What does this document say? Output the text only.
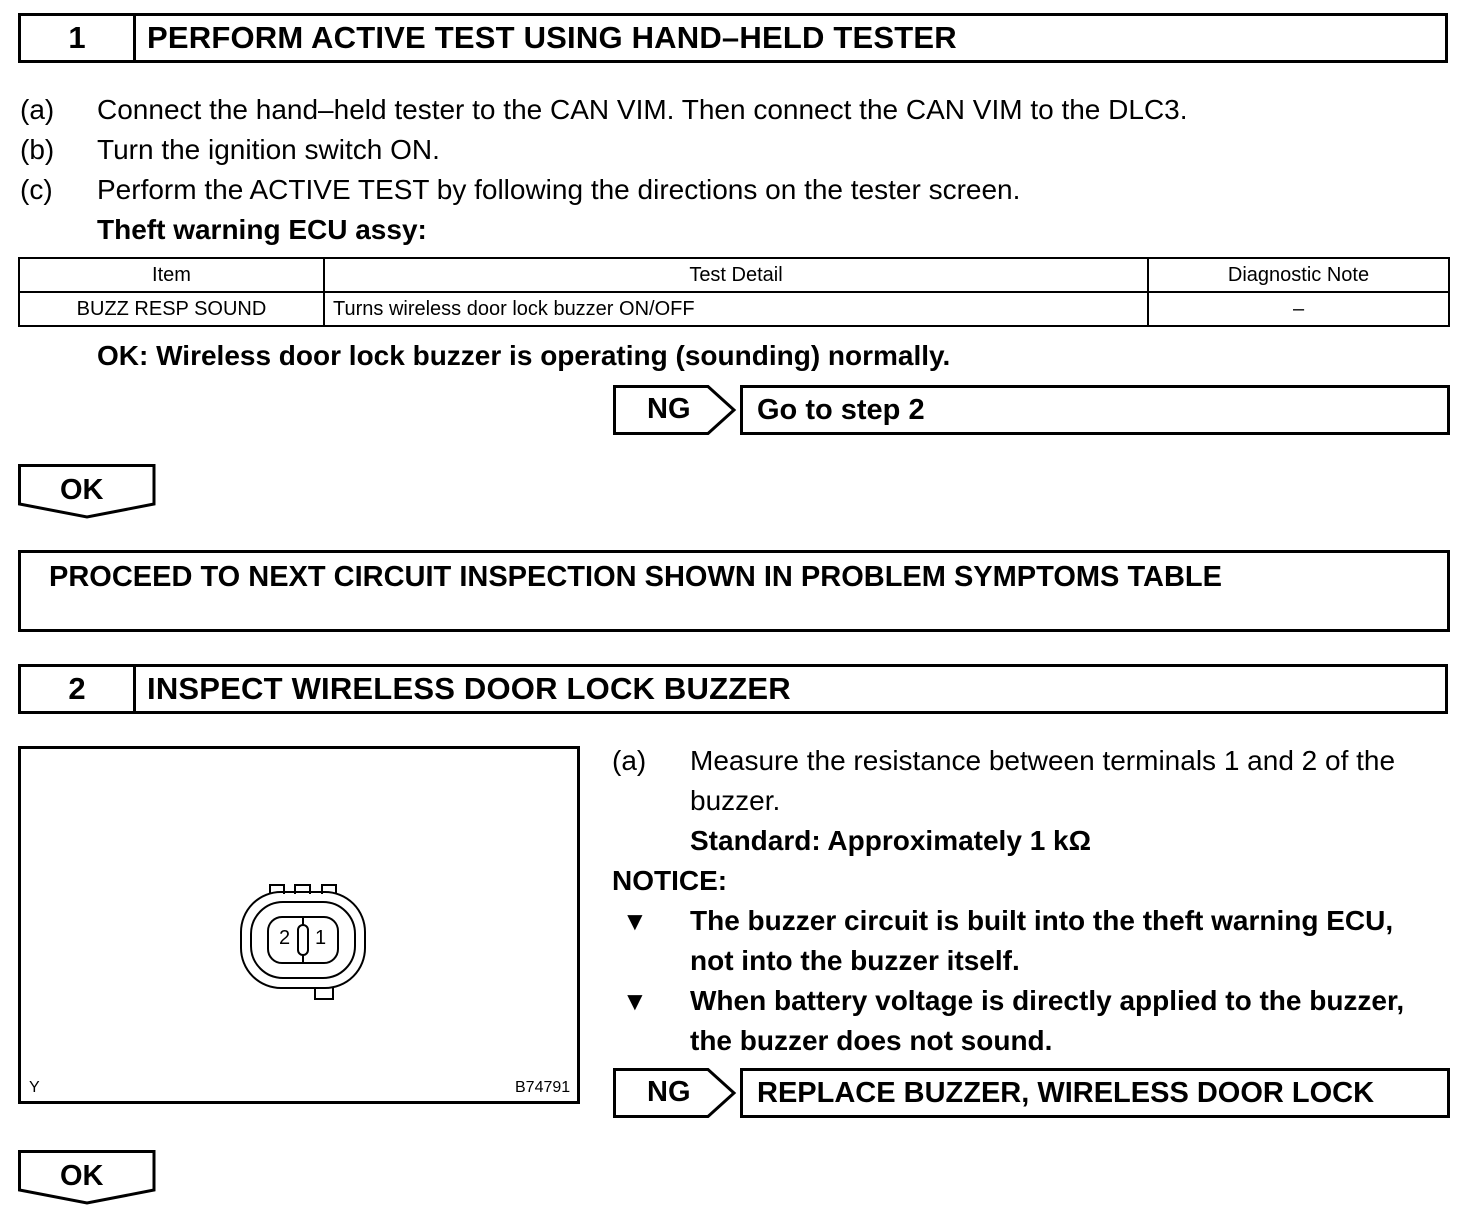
1	PERFORM ACTIVE TEST USING HAND–HELD TESTER
(a) Connect the hand–held tester to the CAN VIM. Then connect the CAN VIM to the DLC3.
(b) Turn the ignition switch ON.
(c) Perform the ACTIVE TEST by following the directions on the tester screen.
Theft warning ECU assy:
Item	Test Detail	Diagnostic Note
BUZZ RESP SOUND	Turns wireless door lock buzzer ON/OFF	–
OK: Wireless door lock buzzer is operating (sounding) normally.
NG	Go to step 2
OK
PROCEED TO NEXT CIRCUIT INSPECTION SHOWN IN PROBLEM SYMPTOMS TABLE
2	INSPECT WIRELESS DOOR LOCK BUZZER
2 1
Y	B74791
(a) Measure the resistance between terminals 1 and 2 of the
buzzer.
Standard: Approximately 1 kΩ
NOTICE:
▼ The buzzer circuit is built into the theft warning ECU,
not into the buzzer itself.
▼ When battery voltage is directly applied to the buzzer,
the buzzer does not sound.
NG	REPLACE BUZZER, WIRELESS DOOR LOCK
OK
